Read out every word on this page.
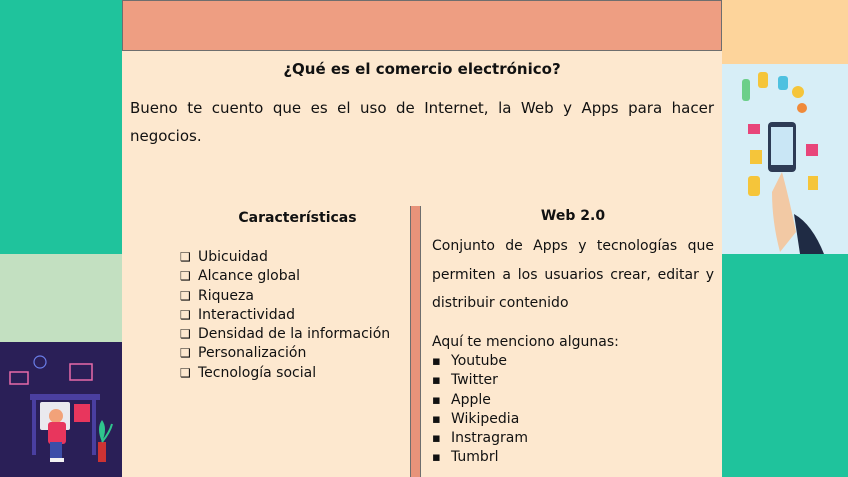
¿Qué es el comercio electrónico?
Bueno te cuento que es el uso de Internet, la Web y Apps para hacer negocios.
Características
❑ Ubicuidad
❑ Alcance global
❑ Riqueza
❑ Interactividad
❑ Densidad de la información
❑ Personalización
❑ Tecnología social
Web 2.0
Conjunto de Apps y tecnologías que permiten a los usuarios crear, editar y distribuir contenido
Aquí te menciono algunas:
▪ Youtube
▪ Twitter
▪ Apple
▪ Wikipedia
▪ Instragram
▪ Tumbrl
